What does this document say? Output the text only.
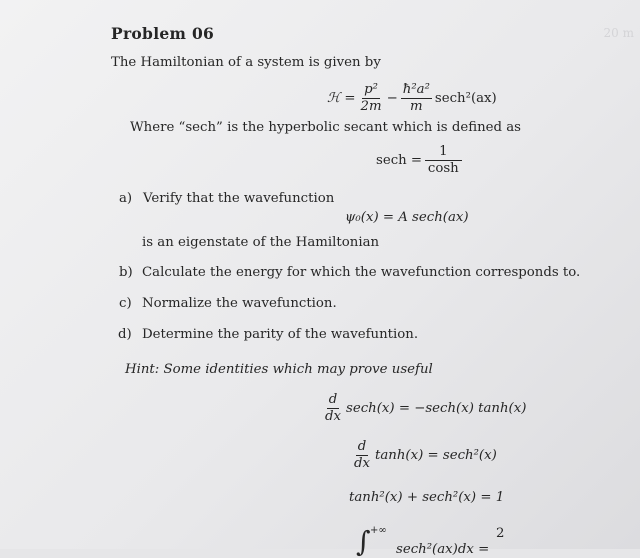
Problem 06	20 m
The Hamiltonian of a system is given by
ℋ = $\frac{\text{p²}}{2m} - \frac{\text{ħ²a²}}{m} \sec h^2(ax)$
Where “sech” is the hyperbolic secant which is defined as
$\sec h = \frac{1}{\cosh}$
a) Verify that the wavefunction
ψ₀(x) = A sech(ax)
is an eigenstate of the Hamiltonian
b) Calculate the energy for which the wavefunction corresponds to.
c) Normalize the wavefunction.
d) Determine the parity of the wavefuntion.
Hint: Some identities which may prove useful
$\frac{d}{dx} \sec h(x) = -\sec h(x)$ tanh(x)
$\frac{d}{dx} \tanh(x) = \sec h^2(x)$
tanh²(x) + sech²(x) = 1
∫ +∞
sech²(ax)dx =
2
